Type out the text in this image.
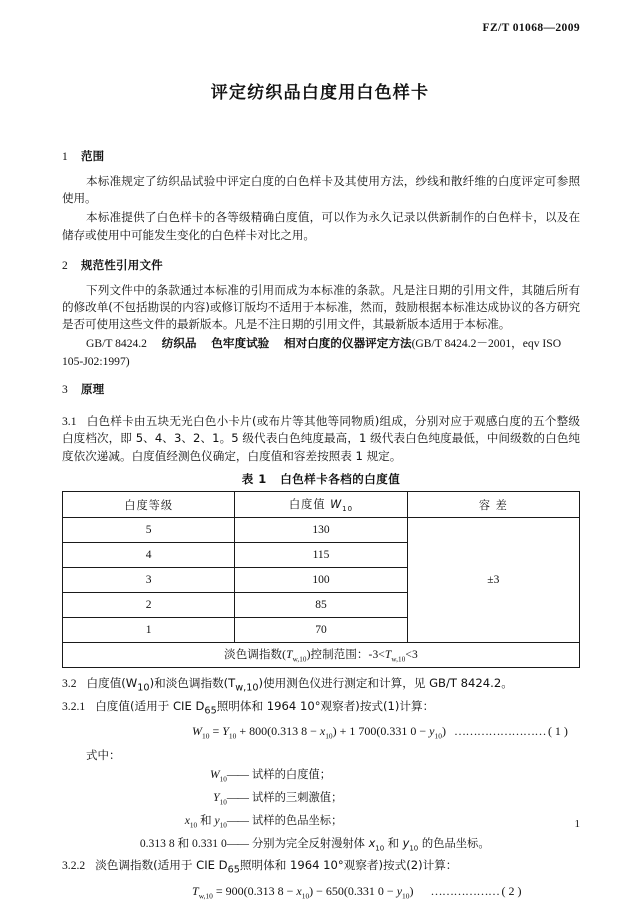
FZ/T 01068—2009
评定纺织品白度用白色样卡
1 范围

本标准规定了纺织品试验中评定白度的白色样卡及其使用方法，纱线和散纤维的白度评定可参照使用。

本标准提供了白色样卡的各等级精确白度值，可以作为永久记录以供新制作的白色样卡，以及在储存或使用中可能发生变化的白色样卡对比之用。

2 规范性引用文件

下列文件中的条款通过本标准的引用而成为本标准的条款。凡是注日期的引用文件，其随后所有的修改单(不包括勘误的内容)或修订版均不适用于本标准，然而，鼓励根据本标准达成协议的各方研究是否可使用这些文件的最新版本。凡是不注日期的引用文件，其最新版本适用于本标准。

GB/T 8424.2 纺织品 色牢度试验 相对白度的仪器评定方法(GB/T 8424.2－2001，eqv ISO 105-J02:1997)

3 原理

3.1 白色样卡由五块无光白色小卡片(或布片等其他等同物质)组成，分别对应于观感白度的五个整级白度档次，即 5、4、3、2、1。5 级代表白色纯度最高，1 级代表白色纯度最低，中间级数的白色纯度依次递减。白度值经测色仪确定，白度值和容差按照表 1 规定。

表 1 白色样卡各档的白度值
白度等级	白度值 $W_{10}$	容 差
5	130	±3
4	115	
3	100	
2	85	
1	70	
淡色调指数$(T_{w,10})$控制范围：$-3<T_{w,10}<3$		

3.2 白度值$(W_{10})$和淡色调指数$(T_{w,10})$使用测色仪进行测定和计算，见 GB/T 8424.2。

3.2.1 白度值(适用于 CIE $D_{65}$照明体和 1964 10°观察者)按式(1)计算：

$W_{10} = Y_{10} + 800(0.313$ $8 - x_{10}) + 1$ 700(0.331 $0 - y_{10}$) …………………… ( 1 )
式中：
$W_{10}——$ 试样的白度值；
$Y_{10}——$ 试样的三刺激值；
$x_{10}$ 和 $y_{10}——$ 试样的色品坐标；
0.313 8 和 0.331 0—— 分别为完全反射漫射体 $x_{10}$ 和 $y_{10}$ 的色品坐标。

3.2.2 淡色调指数(适用于 CIE $D_{65}$照明体和 1964 10°观察者)按式(2)计算：

$T_{w,10} = 900(0.313$ $8 - x_{10}) - 650(0.331$ $0 - y_{10}$) ……………… ( 2 )
1
